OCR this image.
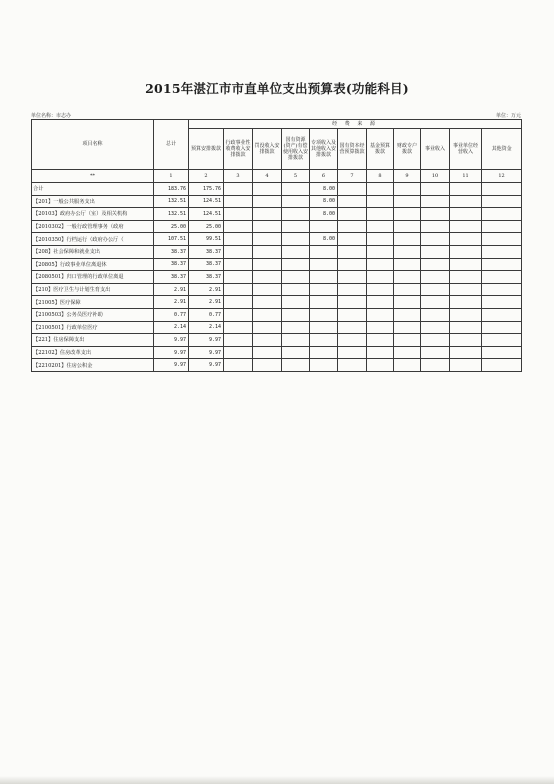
2015年湛江市市直单位支出预算表(功能科目)
单位名称：市志办	单位：万元
项目名称	总计	经 费 来 源										
		预算安排拨款	行政事业性收费收入安排拨款	罚没收入安排拨款	国有资源(资产)有偿使用收入安排拨款	专项收入及其他收入安排拨款	国有资本经营预算拨款	基金预算拨款	财政专户拨款	事业收入	事业单位经营收入	其他资金
**	1	2	3	4	5	6	7	8	9	10	11	12
合计	183.76	175.76				8.00						
【201】一般公共服务支出	132.51	124.51				8.00						
【20103】政府办公厅（室）及相关机构	132.51	124.51				8.00						
【2010302】一般行政管理事务（政府	25.00	25.00										
【2010350】行档运行（政府办公厅（	107.51	99.51				8.00						
【208】社会保障和就业支出	38.37	38.37										
【20805】行政事业单位离退休	38.37	38.37										
【2080501】归口管理的行政单位离退	38.37	38.37										
【210】医疗卫生与计划生育支出	2.91	2.91										
【21005】医疗保障	2.91	2.91										
【2100503】公务员医疗补助	0.77	0.77										
【2100501】行政单位医疗	2.14	2.14										
【221】住房保障支出	9.97	9.97										
【22102】住房改革支出	9.97	9.97										
【2210201】住房公积金	9.97	9.97										
